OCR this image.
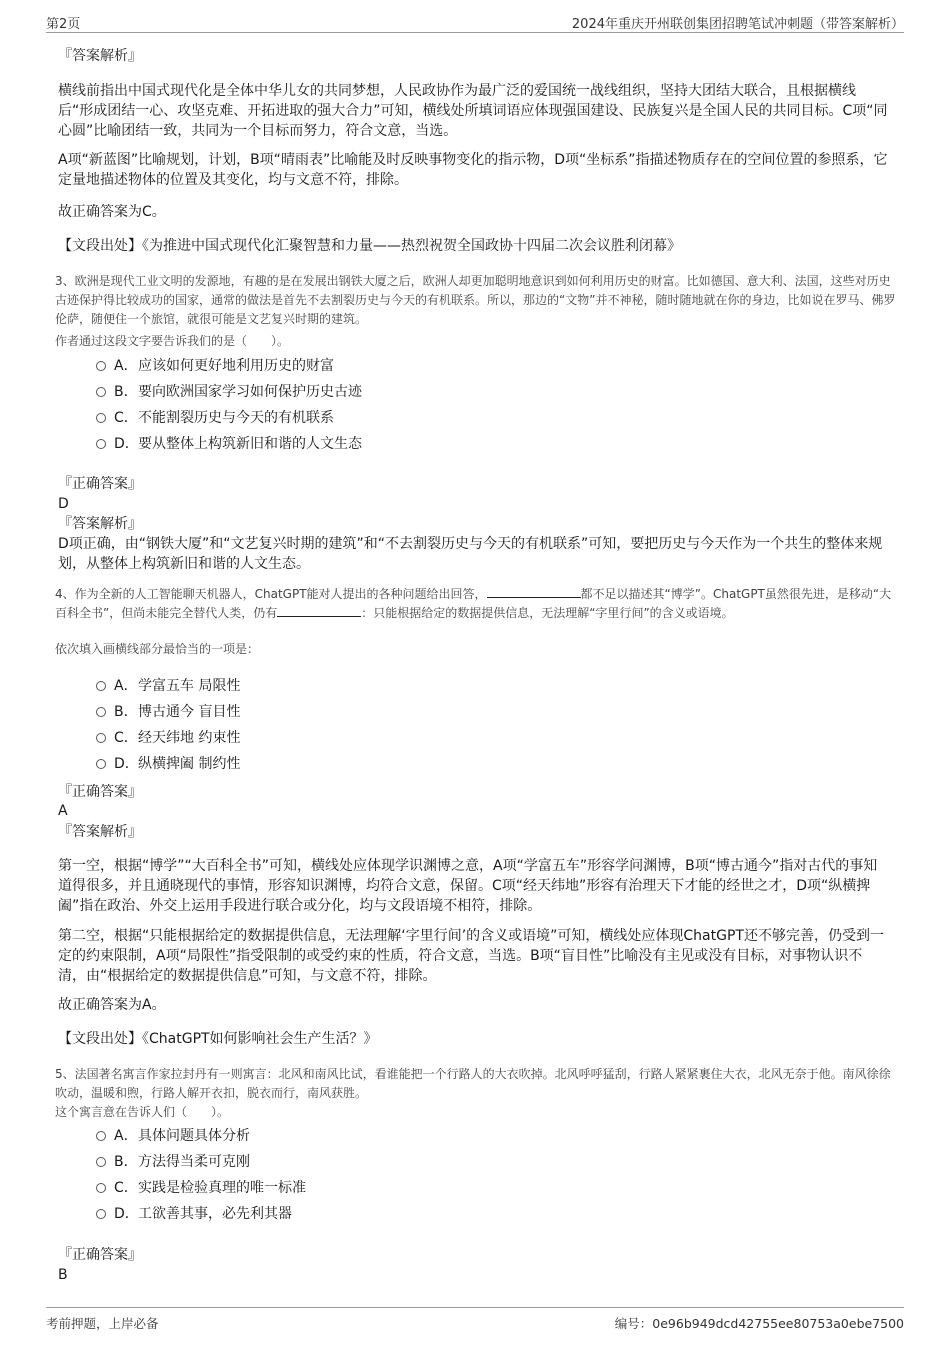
第2页	2024年重庆开州联创集团招聘笔试冲刺题（带答案解析）

『答案解析』

横线前指出中国式现代化是全体中华儿女的共同梦想，人民政协作为最广泛的爱国统一战线组织，坚持大团结大联合，且根据横线后“形成团结一心、攻坚克难、开拓进取的强大合力”可知，横线处所填词语应体现强国建设、民族复兴是全国人民的共同目标。C项“同心圆”比喻团结一致，共同为一个目标而努力，符合文意，当选。

A项“新蓝图”比喻规划，计划，B项“晴雨表”比喻能及时反映事物变化的指示物，D项“坐标系”指描述物质存在的空间位置的参照系，它定量地描述物体的位置及其变化，均与文意不符，排除。

故正确答案为C。

【文段出处】《为推进中国式现代化汇聚智慧和力量——热烈祝贺全国政协十四届二次会议胜利闭幕》

3、欧洲是现代工业文明的发源地，有趣的是在发展出钢铁大厦之后，欧洲人却更加聪明地意识到如何利用历史的财富。比如德国、意大利、法国，这些对历史古迹保护得比较成功的国家，通常的做法是首先不去割裂历史与今天的有机联系。所以，那边的“文物”并不神秘，随时随地就在你的身边，比如说在罗马、佛罗伦萨，随便住一个旅馆，就很可能是文艺复兴时期的建筑。

作者通过这段文字要告诉我们的是（　　）。

A．应该如何更好地利用历史的财富
B．要向欧洲国家学习如何保护历史古迹
C．不能割裂历史与今天的有机联系
D．要从整体上构筑新旧和谐的人文生态

『正确答案』

D

『答案解析』

D项正确，由“钢铁大厦”和“文艺复兴时期的建筑”和“不去割裂历史与今天的有机联系”可知，要把历史与今天作为一个共生的整体来规划，从整体上构筑新旧和谐的人文生态。

4、作为全新的人工智能聊天机器人，ChatGPT能对人提出的各种问题给出回答，	都不足以描述其“博学”。ChatGPT虽然很先进，是移动“大百科全书”，但尚未能完全替代人类，仍有	：只能根据给定的数据提供信息，无法理解“字里行间”的含义或语境。

依次填入画横线部分最恰当的一项是：

A．学富五车 局限性
B．博古通今 盲目性
C．经天纬地 约束性
D．纵横捭阖 制约性

『正确答案』

A

『答案解析』

第一空，根据“博学”“大百科全书”可知，横线处应体现学识渊博之意，A项“学富五车”形容学问渊博，B项“博古通今”指对古代的事知道得很多，并且通晓现代的事情，形容知识渊博，均符合文意，保留。C项“经天纬地”形容有治理天下才能的经世之才，D项“纵横捭阖”指在政治、外交上运用手段进行联合或分化，均与文段语境不相符，排除。

第二空，根据“只能根据给定的数据提供信息，无法理解‘字里行间’的含义或语境”可知，横线处应体现ChatGPT还不够完善，仍受到一定的约束限制，A项“局限性”指受限制的或受约束的性质，符合文意，当选。B项“盲目性”比喻没有主见或没有目标，对事物认识不清，由“根据给定的数据提供信息”可知，与文意不符，排除。

故正确答案为A。

【文段出处】《ChatGPT如何影响社会生产生活？》

5、法国著名寓言作家拉封丹有一则寓言：北风和南风比试，看谁能把一个行路人的大衣吹掉。北风呼呼猛刮，行路人紧紧裹住大衣，北风无奈于他。南风徐徐吹动，温暖和煦，行路人解开衣扣，脱衣而行，南风获胜。

这个寓言意在告诉人们（　　）。

A．具体问题具体分析
B．方法得当柔可克刚
C．实践是检验真理的唯一标准
D．工欲善其事，必先利其器

『正确答案』

B

考前押题，上岸必备	编号：0e96b949dcd42755ee80753a0ebe7500
